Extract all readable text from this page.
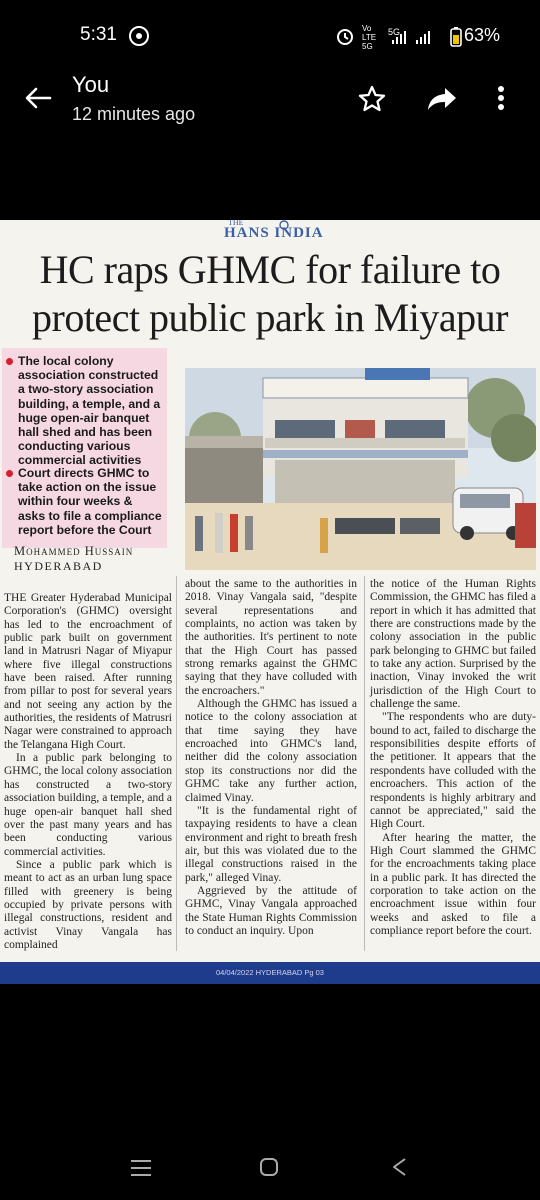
5:31	Vo LTE 5G
5G	63%
You
12 minutes ago
THE
HANS INDIA
HC raps GHMC for failure to
protect public park in Miyapur
The local colony association constructed a two-story association building, a temple, and a huge open-air banquet hall shed and has been conducting various commercial activities
Court directs GHMC to take action on the issue within four weeks & asks to file a compliance report before the Court
Mohammed Hussain
HYDERABAD

THE Greater Hyderabad Municipal Corporation's (GHMC) oversight has led to the encroachment of public park built on government land in Matrusri Nagar of Miyapur where five illegal constructions have been raised. After running from pillar to post for several years and not seeing any action by the authorities, the residents of Matrusri Nagar were constrained to approach the Telangana High Court.

In a public park belonging to GHMC, the local colony association has constructed a two-story association building, a temple, and a huge open-air banquet hall shed over the past many years and has been conducting various commercial activities.

Since a public park which is meant to act as an urban lung space filled with greenery is being occupied by private persons with illegal constructions, resident and activist Vinay Vangala has complained

about the same to the authorities in 2018. Vinay Vangala said, "despite several representations and complaints, no action was taken by the authorities. It's pertinent to note that the High Court has passed strong remarks against the GHMC saying that they have colluded with the encroachers."

Although the GHMC has issued a notice to the colony association at that time saying they have encroached into GHMC's land, neither did the colony association stop its constructions nor did the GHMC take any further action, claimed Vinay.

"It is the fundamental right of taxpaying residents to have a clean environment and right to breath fresh air, but this was violated due to the illegal constructions raised in the park," alleged Vinay.

Aggrieved by the attitude of GHMC, Vinay Vangala approached the State Human Rights Commission to conduct an inquiry. Upon

the notice of the Human Rights Commission, the GHMC has filed a report in which it has admitted that there are constructions made by the colony association in the public park belonging to GHMC but failed to take any action. Surprised by the inaction, Vinay invoked the writ jurisdiction of the High Court to challenge the same.

"The respondents who are duty-bound to act, failed to discharge the responsibilities despite efforts of the petitioner. It appears that the respondents have colluded with the encroachers. This action of the respondents is highly arbitrary and cannot be appreciated," said the High Court.

After hearing the matter, the High Court slammed the GHMC for the encroachments taking place in a public park. It has directed the corporation to take action on the encroachment issue within four weeks and asked to file a compliance report before the court.

04/04/2022 HYDERABAD Pg 03
